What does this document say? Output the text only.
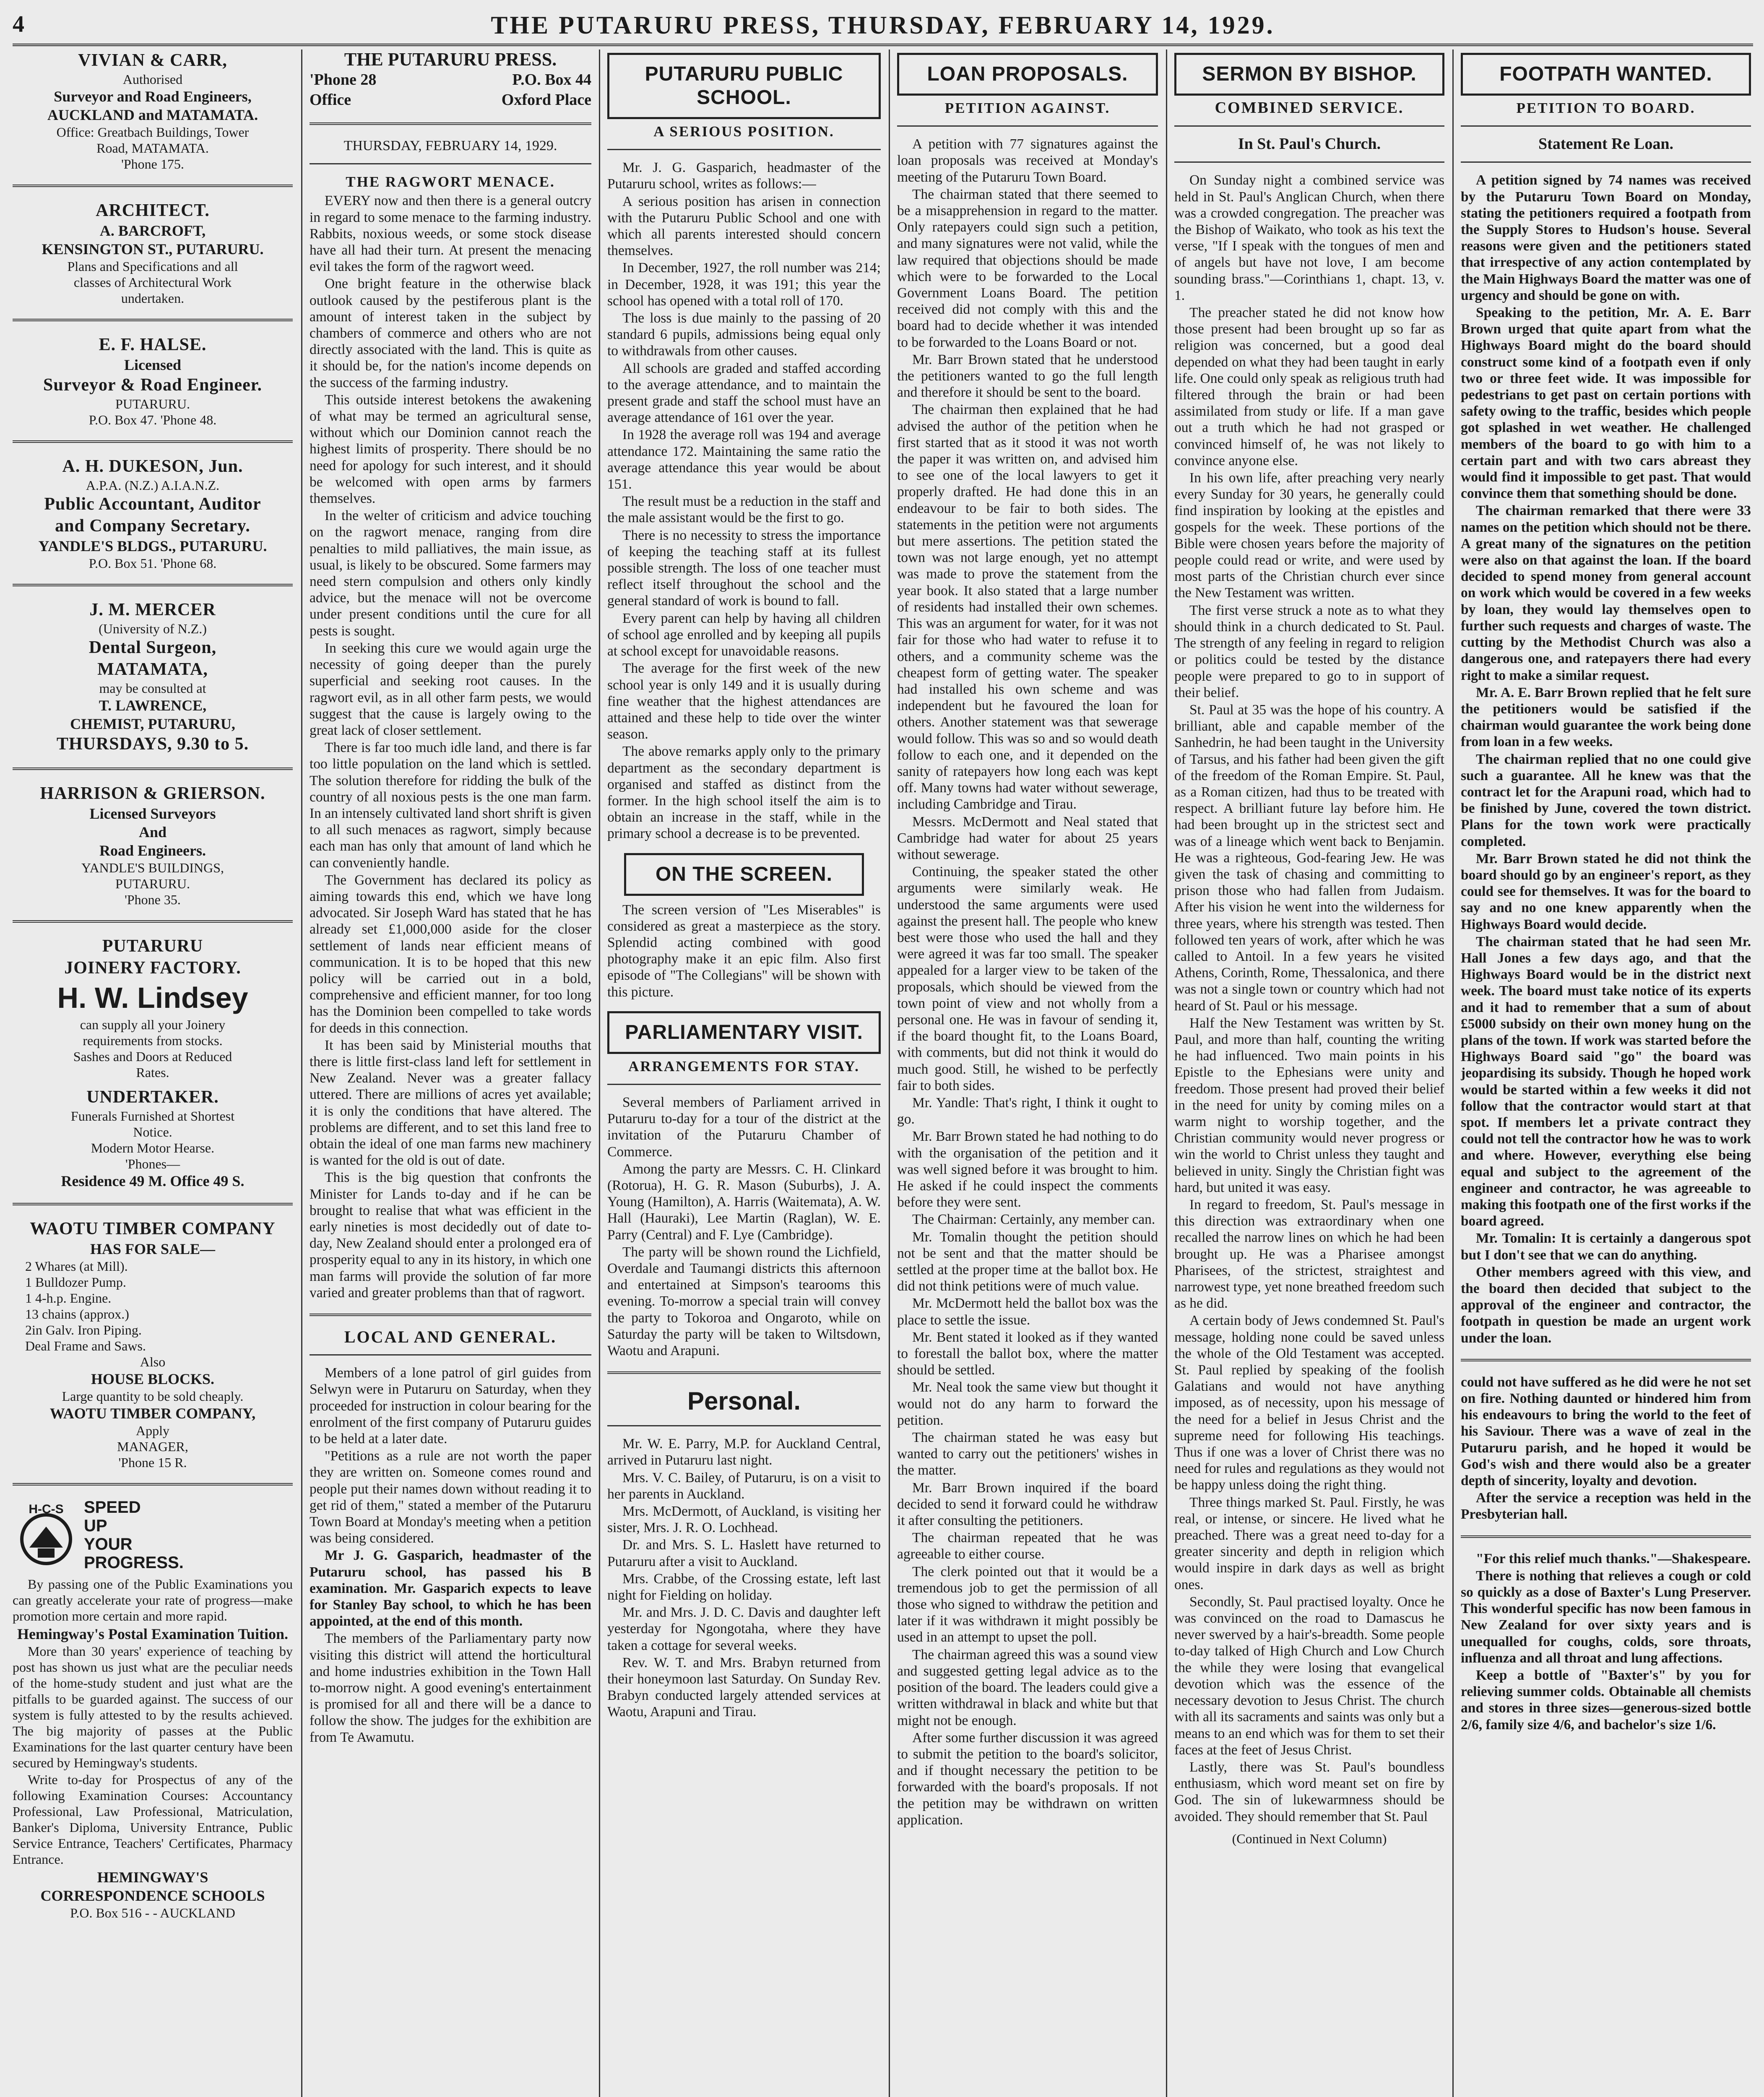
4	THE PUTARURU PRESS, THURSDAY, FEBRUARY 14, 1929.
VIVIAN & CARR,
Authorised
Surveyor and Road Engineers,
AUCKLAND and MATAMATA.
Office: Greatbach Buildings, Tower
Road, MATAMATA.
'Phone 175.
ARCHITECT.
A. BARCROFT,
KENSINGTON ST., PUTARURU.
Plans and Specifications and all
classes of Architectural Work
undertaken.
E. F. HALSE.
Licensed
Surveyor & Road Engineer.
PUTARURU.
P.O. Box 47. 'Phone 48.
A. H. DUKESON, Jun.
A.P.A. (N.Z.) A.I.A.N.Z.
Public Accountant, Auditor
and Company Secretary.
YANDLE'S BLDGS., PUTARURU.
P.O. Box 51. 'Phone 68.
J. M. MERCER
(University of N.Z.)
Dental Surgeon,
MATAMATA,
may be consulted at
T. LAWRENCE,
CHEMIST, PUTARURU,
THURSDAYS, 9.30 to 5.
HARRISON & GRIERSON.
Licensed Surveyors
And
Road Engineers.
YANDLE'S BUILDINGS,
PUTARURU.
'Phone 35.
PUTARURU
JOINERY FACTORY.
H. W. Lindsey
can supply all your Joinery
requirements from stocks.
Sashes and Doors at Reduced
Rates.
UNDERTAKER.
Funerals Furnished at Shortest
Notice.
Modern Motor Hearse.
'Phones—
Residence 49 M. Office 49 S.
WAOTU TIMBER COMPANY
HAS FOR SALE—
2 Whares (at Mill).
1 Bulldozer Pump.
1 4-h.p. Engine.
13 chains (approx.)
2in Galv. Iron Piping.
Deal Frame and Saws.
Also
HOUSE BLOCKS.
Large quantity to be sold cheaply.
WAOTU TIMBER COMPANY,
Apply
MANAGER,
'Phone 15 R.
H-C-S SPEED
UP
YOUR
PROGRESS.
By passing one of the Public Examinations you can greatly accelerate your rate of progress—make promotion more certain and more rapid.
Hemingway's Postal Examination Tuition.
More than 30 years' experience of teaching by post has shown us just what are the peculiar needs of the home-study student and just what are the pitfalls to be guarded against. The success of our system is fully attested to by the results achieved. The big majority of passes at the Public Examinations for the last quarter century have been secured by Hemingway's students.
Write to-day for Prospectus of any of the following Examination Courses: Accountancy Professional, Law Professional, Matriculation, Banker's Diploma, University Entrance, Public Service Entrance, Teachers' Certificates, Pharmacy Entrance.
HEMINGWAY'S
CORRESPONDENCE SCHOOLS
P.O. Box 516 - - AUCKLAND
THE PUTARURU PRESS.
'Phone 28	P.O. Box 44
Office	Oxford Place
THURSDAY, FEBRUARY 14, 1929.
THE RAGWORT MENACE.
EVERY now and then there is a general outcry in regard to some menace to the farming industry. Rabbits, noxious weeds, or some stock disease have all had their turn. At present the menacing evil takes the form of the ragwort weed.
One bright feature in the otherwise black outlook caused by the pestiferous plant is the amount of interest taken in the subject by chambers of commerce and others who are not directly associated with the land. This is quite as it should be, for the nation's income depends on the success of the farming industry.
This outside interest betokens the awakening of what may be termed an agricultural sense, without which our Dominion cannot reach the highest limits of prosperity. There should be no need for apology for such interest, and it should be welcomed with open arms by farmers themselves.
In the welter of criticism and advice touching on the ragwort menace, ranging from dire penalties to mild palliatives, the main issue, as usual, is likely to be obscured. Some farmers may need stern compulsion and others only kindly advice, but the menace will not be overcome under present conditions until the cure for all pests is sought.
In seeking this cure we would again urge the necessity of going deeper than the purely superficial and seeking root causes. In the ragwort evil, as in all other farm pests, we would suggest that the cause is largely owing to the great lack of closer settlement.
There is far too much idle land, and there is far too little population on the land which is settled. The solution therefore for ridding the bulk of the country of all noxious pests is the one man farm. In an intensely cultivated land short shrift is given to all such menaces as ragwort, simply because each man has only that amount of land which he can conveniently handle.
The Government has declared its policy as aiming towards this end, which we have long advocated. Sir Joseph Ward has stated that he has already set £1,000,000 aside for the closer settlement of lands near efficient means of communication. It is to be hoped that this new policy will be carried out in a bold, comprehensive and efficient manner, for too long has the Dominion been compelled to take words for deeds in this connection.
It has been said by Ministerial mouths that there is little first-class land left for settlement in New Zealand. Never was a greater fallacy uttered. There are millions of acres yet available; it is only the conditions that have altered. The problems are different, and to set this land free to obtain the ideal of one man farms new machinery is wanted for the old is out of date.
This is the big question that confronts the Minister for Lands to-day and if he can be brought to realise that what was efficient in the early nineties is most decidedly out of date to-day, New Zealand should enter a prolonged era of prosperity equal to any in its history, in which one man farms will provide the solution of far more varied and greater problems than that of ragwort.
LOCAL AND GENERAL.
Members of a lone patrol of girl guides from Selwyn were in Putaruru on Saturday, when they proceeded for instruction in colour bearing for the enrolment of the first company of Putaruru guides to be held at a later date.
"Petitions as a rule are not worth the paper they are written on. Someone comes round and people put their names down without reading it to get rid of them," stated a member of the Putaruru Town Board at Monday's meeting when a petition was being considered.
Mr J. G. Gasparich, headmaster of the Putaruru school, has passed his B examination. Mr. Gasparich expects to leave for Stanley Bay school, to which he has been appointed, at the end of this month.
The members of the Parliamentary party now visiting this district will attend the horticultural and home industries exhibition in the Town Hall to-morrow night. A good evening's entertainment is promised for all and there will be a dance to follow the show. The judges for the exhibition are from Te Awamutu.
PUTARURU PUBLIC SCHOOL.
A SERIOUS POSITION.
Mr. J. G. Gasparich, headmaster of the Putaruru school, writes as follows:—
A serious position has arisen in connection with the Putaruru Public School and one with which all parents interested should concern themselves.
In December, 1927, the roll number was 214; in December, 1928, it was 191; this year the school has opened with a total roll of 170.
The loss is due mainly to the passing of 20 standard 6 pupils, admissions being equal only to withdrawals from other causes.
All schools are graded and staffed according to the average attendance, and to maintain the present grade and staff the school must have an average attendance of 161 over the year.
In 1928 the average roll was 194 and average attendance 172. Maintaining the same ratio the average attendance this year would be about 151.
The result must be a reduction in the staff and the male assistant would be the first to go.
There is no necessity to stress the importance of keeping the teaching staff at its fullest possible strength. The loss of one teacher must reflect itself throughout the school and the general standard of work is bound to fall.
Every parent can help by having all children of school age enrolled and by keeping all pupils at school except for unavoidable reasons.
The average for the first week of the new school year is only 149 and it is usually during fine weather that the highest attendances are attained and these help to tide over the winter season.
The above remarks apply only to the primary department as the secondary department is organised and staffed as distinct from the former. In the high school itself the aim is to obtain an increase in the staff, while in the primary school a decrease is to be prevented.
ON THE SCREEN.
The screen version of "Les Miserables" is considered as great a masterpiece as the story. Splendid acting combined with good photography make it an epic film. Also first episode of "The Collegians" will be shown with this picture.
PARLIAMENTARY VISIT.
ARRANGEMENTS FOR STAY.
Several members of Parliament arrived in Putaruru to-day for a tour of the district at the invitation of the Putaruru Chamber of Commerce.
Among the party are Messrs. C. H. Clinkard (Rotorua), H. G. R. Mason (Suburbs), J. A. Young (Hamilton), A. Harris (Waitemata), A. W. Hall (Hauraki), Lee Martin (Raglan), W. E. Parry (Central) and F. Lye (Cambridge).
The party will be shown round the Lichfield, Overdale and Taumangi districts this afternoon and entertained at Simpson's tearooms this evening. To-morrow a special train will convey the party to Tokoroa and Ongaroto, while on Saturday the party will be taken to Wiltsdown, Waotu and Arapuni.
Personal.
Mr. W. E. Parry, M.P. for Auckland Central, arrived in Putaruru last night.
Mrs. V. C. Bailey, of Putaruru, is on a visit to her parents in Auckland.
Mrs. McDermott, of Auckland, is visiting her sister, Mrs. J. R. O. Lochhead.
Dr. and Mrs. S. L. Haslett have returned to Putaruru after a visit to Auckland.
Mrs. Crabbe, of the Crossing estate, left last night for Fielding on holiday.
Mr. and Mrs. J. D. C. Davis and daughter left yesterday for Ngongotaha, where they have taken a cottage for several weeks.
Rev. W. T. and Mrs. Brabyn returned from their honeymoon last Saturday. On Sunday Rev. Brabyn conducted largely attended services at Waotu, Arapuni and Tirau.
LOAN PROPOSALS.
PETITION AGAINST.
A petition with 77 signatures against the loan proposals was received at Monday's meeting of the Putaruru Town Board.
The chairman stated that there seemed to be a misapprehension in regard to the matter. Only ratepayers could sign such a petition, and many signatures were not valid, while the law required that objections should be made which were to be forwarded to the Local Government Loans Board. The petition received did not comply with this and the board had to decide whether it was intended to be forwarded to the Loans Board or not.
Mr. Barr Brown stated that he understood the petitioners wanted to go the full length and therefore it should be sent to the board.
The chairman then explained that he had advised the author of the petition when he first started that as it stood it was not worth the paper it was written on, and advised him to see one of the local lawyers to get it properly drafted. He had done this in an endeavour to be fair to both sides. The statements in the petition were not arguments but mere assertions. The petition stated the town was not large enough, yet no attempt was made to prove the statement from the year book. It also stated that a large number of residents had installed their own schemes. This was an argument for water, for it was not fair for those who had water to refuse it to others, and a community scheme was the cheapest form of getting water. The speaker had installed his own scheme and was independent but he favoured the loan for others. Another statement was that sewerage would follow. This was so and so would death follow to each one, and it depended on the sanity of ratepayers how long each was kept off. Many towns had water without sewerage, including Cambridge and Tirau.
Messrs. McDermott and Neal stated that Cambridge had water for about 25 years without sewerage.
Continuing, the speaker stated the other arguments were similarly weak. He understood the same arguments were used against the present hall. The people who knew best were those who used the hall and they were agreed it was far too small. The speaker appealed for a larger view to be taken of the proposals, which should be viewed from the town point of view and not wholly from a personal one. He was in favour of sending it, if the board thought fit, to the Loans Board, with comments, but did not think it would do much good. Still, he wished to be perfectly fair to both sides.
Mr. Yandle: That's right, I think it ought to go.
Mr. Barr Brown stated he had nothing to do with the organisation of the petition and it was well signed before it was brought to him. He asked if he could inspect the comments before they were sent.
The Chairman: Certainly, any member can.
Mr. Tomalin thought the petition should not be sent and that the matter should be settled at the proper time at the ballot box. He did not think petitions were of much value.
Mr. McDermott held the ballot box was the place to settle the issue.
Mr. Bent stated it looked as if they wanted to forestall the ballot box, where the matter should be settled.
Mr. Neal took the same view but thought it would not do any harm to forward the petition.
The chairman stated he was easy but wanted to carry out the petitioners' wishes in the matter.
Mr. Barr Brown inquired if the board decided to send it forward could he withdraw it after consulting the petitioners.
The chairman repeated that he was agreeable to either course.
The clerk pointed out that it would be a tremendous job to get the permission of all those who signed to withdraw the petition and later if it was withdrawn it might possibly be used in an attempt to upset the poll.
The chairman agreed this was a sound view and suggested getting legal advice as to the position of the board. The leaders could give a written withdrawal in black and white but that might not be enough.
After some further discussion it was agreed to submit the petition to the board's solicitor, and if thought necessary the petition to be forwarded with the board's proposals. If not the petition may be withdrawn on written application.
SERMON BY BISHOP.
COMBINED SERVICE.
In St. Paul's Church.
On Sunday night a combined service was held in St. Paul's Anglican Church, when there was a crowded congregation. The preacher was the Bishop of Waikato, who took as his text the verse, "If I speak with the tongues of men and of angels but have not love, I am become sounding brass."—Corinthians 1, chapt. 13, v. 1.
The preacher stated he did not know how those present had been brought up so far as religion was concerned, but a good deal depended on what they had been taught in early life. One could only speak as religious truth had filtered through the brain or had been assimilated from study or life. If a man gave out a truth which he had not grasped or convinced himself of, he was not likely to convince anyone else.
In his own life, after preaching very nearly every Sunday for 30 years, he generally could find inspiration by looking at the epistles and gospels for the week. These portions of the Bible were chosen years before the majority of people could read or write, and were used by most parts of the Christian church ever since the New Testament was written.
The first verse struck a note as to what they should think in a church dedicated to St. Paul. The strength of any feeling in regard to religion or politics could be tested by the distance people were prepared to go to in support of their belief.
St. Paul at 35 was the hope of his country. A brilliant, able and capable member of the Sanhedrin, he had been taught in the University of Tarsus, and his father had been given the gift of the freedom of the Roman Empire. St. Paul, as a Roman citizen, had thus to be treated with respect. A brilliant future lay before him. He had been brought up in the strictest sect and was of a lineage which went back to Benjamin. He was a righteous, God-fearing Jew. He was given the task of chasing and committing to prison those who had fallen from Judaism. After his vision he went into the wilderness for three years, where his strength was tested. Then followed ten years of work, after which he was called to Antoil. In a few years he visited Athens, Corinth, Rome, Thessalonica, and there was not a single town or country which had not heard of St. Paul or his message.
Half the New Testament was written by St. Paul, and more than half, counting the writing he had influenced. Two main points in his Epistle to the Ephesians were unity and freedom. Those present had proved their belief in the need for unity by coming miles on a warm night to worship together, and the Christian community would never progress or win the world to Christ unless they taught and believed in unity. Singly the Christian fight was hard, but united it was easy.
In regard to freedom, St. Paul's message in this direction was extraordinary when one recalled the narrow lines on which he had been brought up. He was a Pharisee amongst Pharisees, of the strictest, straightest and narrowest type, yet none breathed freedom such as he did.
A certain body of Jews condemned St. Paul's message, holding none could be saved unless the whole of the Old Testament was accepted. St. Paul replied by speaking of the foolish Galatians and would not have anything imposed, as of necessity, upon his message of the need for a belief in Jesus Christ and the supreme need for following His teachings. Thus if one was a lover of Christ there was no need for rules and regulations as they would not be happy unless doing the right thing.
Three things marked St. Paul. Firstly, he was real, or intense, or sincere. He lived what he preached. There was a great need to-day for a greater sincerity and depth in religion which would inspire in dark days as well as bright ones.
Secondly, St. Paul practised loyalty. Once he was convinced on the road to Damascus he never swerved by a hair's-breadth. Some people to-day talked of High Church and Low Church the while they were losing that evangelical devotion which was the essence of the necessary devotion to Jesus Christ. The church with all its sacraments and saints was only but a means to an end which was for them to set their faces at the feet of Jesus Christ.
Lastly, there was St. Paul's boundless enthusiasm, which word meant set on fire by God. The sin of lukewarmness should be avoided. They should remember that St. Paul
(Continued in Next Column)
FOOTPATH WANTED.
PETITION TO BOARD.
Statement Re Loan.
A petition signed by 74 names was received by the Putaruru Town Board on Monday, stating the petitioners required a footpath from the Supply Stores to Hudson's house. Several reasons were given and the petitioners stated that irrespective of any action contemplated by the Main Highways Board the matter was one of urgency and should be gone on with.
Speaking to the petition, Mr. A. E. Barr Brown urged that quite apart from what the Highways Board might do the board should construct some kind of a footpath even if only two or three feet wide. It was impossible for pedestrians to get past on certain portions with safety owing to the traffic, besides which people got splashed in wet weather. He challenged members of the board to go with him to a certain part and with two cars abreast they would find it impossible to get past. That would convince them that something should be done.
The chairman remarked that there were 33 names on the petition which should not be there. A great many of the signatures on the petition were also on that against the loan. If the board decided to spend money from general account on work which would be covered in a few weeks by loan, they would lay themselves open to further such requests and charges of waste. The cutting by the Methodist Church was also a dangerous one, and ratepayers there had every right to make a similar request.
Mr. A. E. Barr Brown replied that he felt sure the petitioners would be satisfied if the chairman would guarantee the work being done from loan in a few weeks.
The chairman replied that no one could give such a guarantee. All he knew was that the contract let for the Arapuni road, which had to be finished by June, covered the town district. Plans for the town work were practically completed.
Mr. Barr Brown stated he did not think the board should go by an engineer's report, as they could see for themselves. It was for the board to say and no one knew apparently when the Highways Board would decide.
The chairman stated that he had seen Mr. Hall Jones a few days ago, and that the Highways Board would be in the district next week. The board must take notice of its experts and it had to remember that a sum of about £5000 subsidy on their own money hung on the plans of the town. If work was started before the Highways Board said "go" the board was jeopardising its subsidy. Though he hoped work would be started within a few weeks it did not follow that the contractor would start at that spot. If members let a private contract they could not tell the contractor how he was to work and where. However, everything else being equal and subject to the agreement of the engineer and contractor, he was agreeable to making this footpath one of the first works if the board agreed.
Mr. Tomalin: It is certainly a dangerous spot but I don't see that we can do anything.
Other members agreed with this view, and the board then decided that subject to the approval of the engineer and contractor, the footpath in question be made an urgent work under the loan.
could not have suffered as he did were he not set on fire. Nothing daunted or hindered him from his endeavours to bring the world to the feet of his Saviour. There was a wave of zeal in the Putaruru parish, and he hoped it would be God's wish and there would also be a greater depth of sincerity, loyalty and devotion.
After the service a reception was held in the Presbyterian hall.
"For this relief much thanks."—Shakespeare.
There is nothing that relieves a cough or cold so quickly as a dose of Baxter's Lung Preserver. This wonderful specific has now been famous in New Zealand for over sixty years and is unequalled for coughs, colds, sore throats, influenza and all throat and lung affections.
Keep a bottle of "Baxter's" by you for relieving summer colds. Obtainable all chemists and stores in three sizes—generous-sized bottle 2/6, family size 4/6, and bachelor's size 1/6.
